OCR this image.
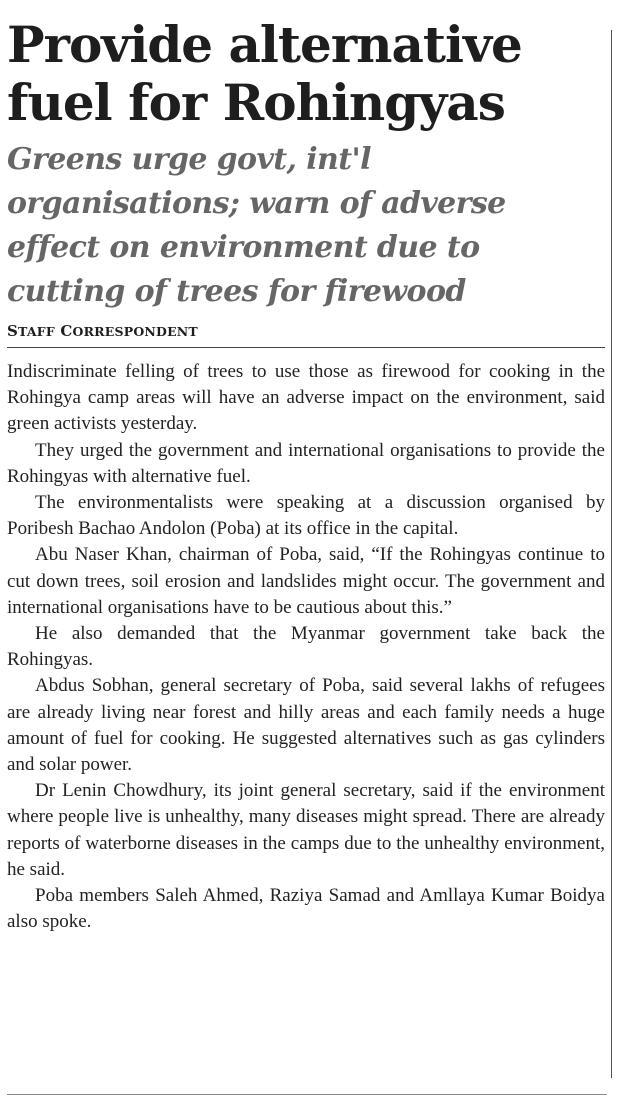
Provide alternative fuel for Rohingyas
Greens urge govt, int'l organisations; warn of adverse effect on environment due to cutting of trees for firewood
STAFF CORRESPONDENT

Indiscriminate felling of trees to use those as firewood for cooking in the Rohingya camp areas will have an adverse impact on the environment, said green activists yesterday.

They urged the government and international organisations to provide the Rohingyas with alternative fuel.

The environmentalists were speaking at a discussion organised by Poribesh Bachao Andolon (Poba) at its office in the capital.

Abu Naser Khan, chairman of Poba, said, “If the Rohingyas continue to cut down trees, soil erosion and landslides might occur. The government and international organisations have to be cautious about this.”

He also demanded that the Myanmar government take back the Rohingyas.

Abdus Sobhan, general secretary of Poba, said several lakhs of refugees are already living near forest and hilly areas and each family needs a huge amount of fuel for cooking. He suggested alternatives such as gas cylinders and solar power.

Dr Lenin Chowdhury, its joint general secretary, said if the environment where people live is unhealthy, many diseases might spread. There are already reports of waterborne diseases in the camps due to the unhealthy environment, he said.

Poba members Saleh Ahmed, Raziya Samad and Amllaya Kumar Boidya also spoke.
